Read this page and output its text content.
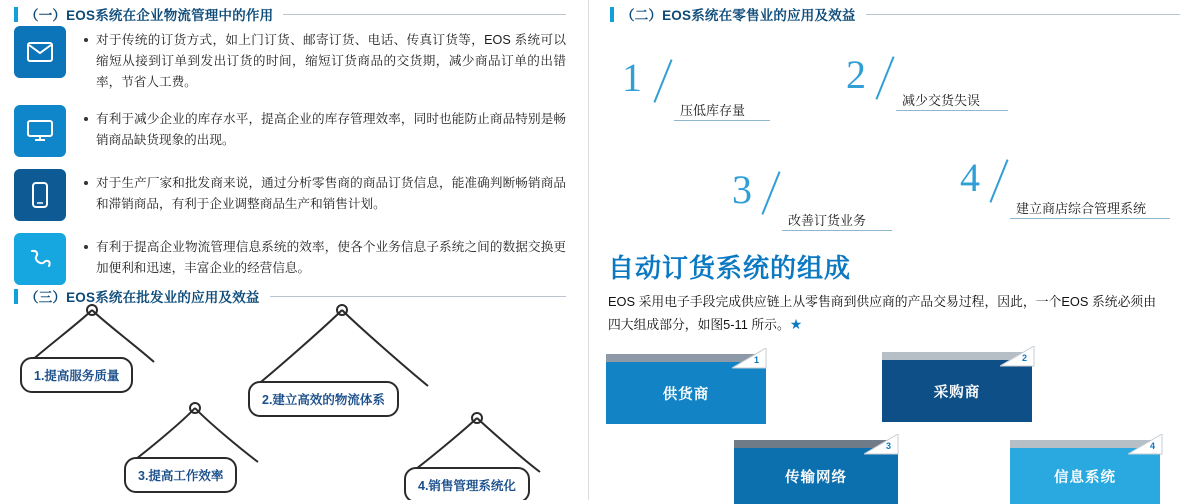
（一）EOS系统在企业物流管理中的作用
对于传统的订货方式，如上门订货、邮寄订货、电话、传真订货等，EOS 系统可以缩短从接到订单到发出订货的时间，缩短订货商品的交货期，减少商品订单的出错率，节省人工费。
有利于减少企业的库存水平，提高企业的库存管理效率，同时也能防止商品特别是畅销商品缺货现象的出现。
对于生产厂家和批发商来说，通过分析零售商的商品订货信息，能准确判断畅销商品和滞销商品，有利于企业调整商品生产和销售计划。
有利于提高企业物流管理信息系统的效率，使各个业务信息子系统之间的数据交换更加便利和迅速，丰富企业的经营信息。
（三）EOS系统在批发业的应用及效益
1.提高服务质量
2.建立高效的物流体系
3.提高工作效率
4.销售管理系统化
（二）EOS系统在零售业的应用及效益
1
压低库存量
2
减少交货失误
3
改善订货业务
4
建立商店综合管理系统
自动订货系统的组成
EOS 采用电子手段完成供应链上从零售商到供应商的产品交易过程，因此，一个EOS 系统必须由四大组成部分，如图5-11 所示。★
供货商
1
采购商
2
传输网络
3
信息系统
4
